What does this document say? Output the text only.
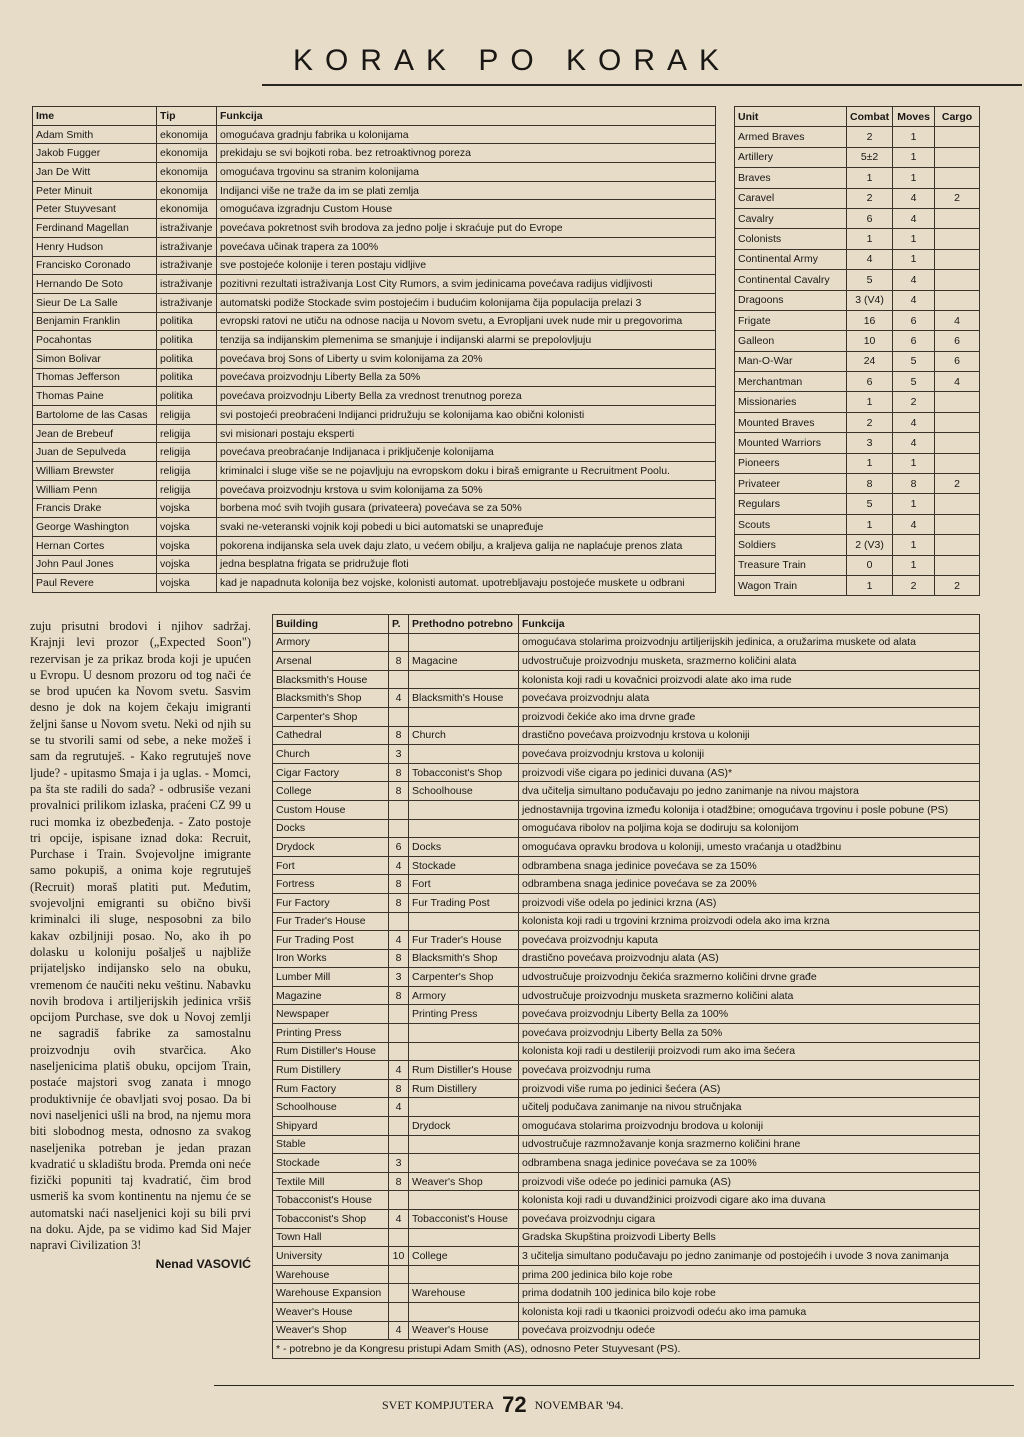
KORAK PO KORAK
Ime	Tip	Funkcija
Adam Smith	ekonomija	omogućava gradnju fabrika u kolonijama
Jakob Fugger	ekonomija	prekidaju se svi bojkoti roba. bez retroaktivnog poreza
Jan De Witt	ekonomija	omogućava trgovinu sa stranim kolonijama
Peter Minuit	ekonomija	Indijanci više ne traže da im se plati zemlja
Peter Stuyvesant	ekonomija	omogućava izgradnju Custom House
Ferdinand Magellan	istraživanje	povećava pokretnost svih brodova za jedno polje i skraćuje put do Evrope
Henry Hudson	istraživanje	povećava učinak trapera za 100%
Francisko Coronado	istraživanje	sve postojeće kolonije i teren postaju vidljive
Hernando De Soto	istraživanje	pozitivni rezultati istraživanja Lost City Rumors, a svim jedinicama povećava radijus vidljivosti
Sieur De La Salle	istraživanje	automatski podiže Stockade svim postojećim i budućim kolonijama čija populacija prelazi 3
Benjamin Franklin	politika	evropski ratovi ne utiču na odnose nacija u Novom svetu, a Evropljani uvek nude mir u pregovorima
Pocahontas	politika	tenzija sa indijanskim plemenima se smanjuje i indijanski alarmi se prepolovljuju
Simon Bolivar	politika	povećava broj Sons of Liberty u svim kolonijama za 20%
Thomas Jefferson	politika	povećava proizvodnju Liberty Bella za 50%
Thomas Paine	politika	povećava proizvodnju Liberty Bella za vrednost trenutnog poreza
Bartolome de las Casas	religija	svi postojeći preobraćeni Indijanci pridružuju se kolonijama kao obični kolonisti
Jean de Brebeuf	religija	svi misionari postaju eksperti
Juan de Sepulveda	religija	povećava preobraćanje Indijanaca i priključenje kolonijama
William Brewster	religija	kriminalci i sluge više se ne pojavljuju na evropskom doku i biraš emigrante u Recruitment Poolu.
William Penn	religija	povećava proizvodnju krstova u svim kolonijama za 50%
Francis Drake	vojska	borbena moć svih tvojih gusara (privateera) povećava se za 50%
George Washington	vojska	svaki ne-veteranski vojnik koji pobedi u bici automatski se unapređuje
Hernan Cortes	vojska	pokorena indijanska sela uvek daju zlato, u većem obilju, a kraljeva galija ne naplaćuje prenos zlata
John Paul Jones	vojska	jedna besplatna frigata se pridružuje floti
Paul Revere	vojska	kad je napadnuta kolonija bez vojske, kolonisti automat. upotrebljavaju postojeće muskete u odbrani
Unit	Combat	Moves	Cargo
Armed Braves	2	1	
Artillery	5±2	1	
Braves	1	1	
Caravel	2	4	2
Cavalry	6	4	
Colonists	1	1	
Continental Army	4	1	
Continental Cavalry	5	4	
Dragoons	3 (V4)	4	
Frigate	16	6	4
Galleon	10	6	6
Man-O-War	24	5	6
Merchantman	6	5	4
Missionaries	1	2	
Mounted Braves	2	4	
Mounted Warriors	3	4	
Pioneers	1	1	
Privateer	8	8	2
Regulars	5	1	
Scouts	1	4	
Soldiers	2 (V3)	1	
Treasure Train	0	1	
Wagon Train	1	2	2
Building	P.	Prethodno potrebno	Funkcija
Armory			omogućava stolarima proizvodnju artiljerijskih jedinica, a oružarima muskete od alata
Arsenal	8	Magacine	udvostručuje proizvodnju musketa, srazmerno količini alata
Blacksmith's House			kolonista koji radi u kovačnici proizvodi alate ako ima rude
Blacksmith's Shop	4	Blacksmith's House	povećava proizvodnju alata
Carpenter's Shop			proizvodi čekiće ako ima drvne građe
Cathedral	8	Church	drastično povećava proizvodnju krstova u koloniji
Church	3		povećava proizvodnju krstova u koloniji
Cigar Factory	8	Tobacconist's Shop	proizvodi više cigara po jedinici duvana (AS)*
College	8	Schoolhouse	dva učitelja simultano podučavaju po jedno zanimanje na nivou majstora
Custom House			jednostavnija trgovina između kolonija i otadžbine; omogućava trgovinu i posle pobune (PS)
Docks			omogućava ribolov na poljima koja se dodiruju sa kolonijom
Drydock	6	Docks	omogućava opravku brodova u koloniji, umesto vraćanja u otadžbinu
Fort	4	Stockade	odbrambena snaga jedinice povećava se za 150%
Fortress	8	Fort	odbrambena snaga jedinice povećava se za 200%
Fur Factory	8	Fur Trading Post	proizvodi više odela po jedinici krzna (AS)
Fur Trader's House			kolonista koji radi u trgovini krznima proizvodi odela ako ima krzna
Fur Trading Post	4	Fur Trader's House	povećava proizvodnju kaputa
Iron Works	8	Blacksmith's Shop	drastično povećava proizvodnju alata (AS)
Lumber Mill	3	Carpenter's Shop	udvostručuje proizvodnju čekića srazmerno količini drvne građe
Magazine	8	Armory	udvostručuje proizvodnju musketa srazmerno količini alata
Newspaper		Printing Press	povećava proizvodnju Liberty Bella za 100%
Printing Press			povećava proizvodnju Liberty Bella za 50%
Rum Distiller's House			kolonista koji radi u destileriji proizvodi rum ako ima šećera
Rum Distillery	4	Rum Distiller's House	povećava proizvodnju ruma
Rum Factory	8	Rum Distillery	proizvodi više ruma po jedinici šećera (AS)
Schoolhouse	4		učitelj podučava zanimanje na nivou stručnjaka
Shipyard		Drydock	omogućava stolarima proizvodnju brodova u koloniji
Stable			udvostručuje razmnožavanje konja srazmerno količini hrane
Stockade	3		odbrambena snaga jedinice povećava se za 100%
Textile Mill	8	Weaver's Shop	proizvodi više odeće po jedinici pamuka (AS)
Tobacconist's House			kolonista koji radi u duvandžinici proizvodi cigare ako ima duvana
Tobacconist's Shop	4	Tobacconist's House	povećava proizvodnju cigara
Town Hall			Gradska Skupština proizvodi Liberty Bells
University	10	College	3 učitelja simultano podučavaju po jedno zanimanje od postojećih i uvode 3 nova zanimanja
Warehouse			prima 200 jedinica bilo koje robe
Warehouse Expansion		Warehouse	prima dodatnih 100 jedinica bilo koje robe
Weaver's House			kolonista koji radi u tkaonici proizvodi odeću ako ima pamuka
Weaver's Shop	4	Weaver's House	povećava proizvodnju odeće
* - potrebno je da Kongresu pristupi Adam Smith (AS), odnosno Peter Stuyvesant (PS).			

zuju prisutni brodovi i njihov sadržaj. Krajnji levi prozor („Expected Soon") rezervisan je za prikaz broda koji je upućen u Evropu. U desnom prozoru od tog nači će se brod upućen ka Novom svetu. Sasvim desno je dok na kojem čekaju imigranti željni šanse u Novom svetu. Neki od njih su se tu stvorili sami od sebe, a neke možeš i sam da regrutuješ. - Kako regrutuješ nove ljude? - upitasmo Smaja i ja uglas. - Momci, pa šta ste radili do sada? - odbrusiše vezani provalnici prilikom izlaska, praćeni CZ 99 u ruci momka iz obezbeđenja. - Zato postoje tri opcije, ispisane iznad doka: Recruit, Purchase i Train. Svojevoljne imigrante samo pokupiš, a onima koje regrutuješ (Recruit) moraš platiti put. Međutim, svojevoljni emigranti su obično bivši kriminalci ili sluge, nesposobni za bilo kakav ozbiljniji posao. No, ako ih po dolasku u koloniju pošalješ u najbliže prijateljsko indijansko selo na obuku, vremenom će naučiti neku veštinu. Nabavku novih brodova i artiljerijskih jedinica vršiš opcijom Purchase, sve dok u Novoj zemlji ne sagradiš fabrike za samostalnu proizvodnju ovih stvarčica. Ako naseljenicima platiš obuku, opcijom Train, postaće majstori svog zanata i mnogo produktivnije će obavljati svoj posao. Da bi novi naseljenici ušli na brod, na njemu mora biti slobodnog mesta, odnosno za svakog naseljenika potreban je jedan prazan kvadratić u skladištu broda. Premda oni neće fizički popuniti taj kvadratić, čim brod usmeriš ka svom kontinentu na njemu će se automatski naći naseljenici koji su bili prvi na doku. Ajde, pa se vidimo kad Sid Majer napravi Civilization 3!

Nenad VASOVIĆ

SVET KOMPJUTERA 72 NOVEMBAR '94.
